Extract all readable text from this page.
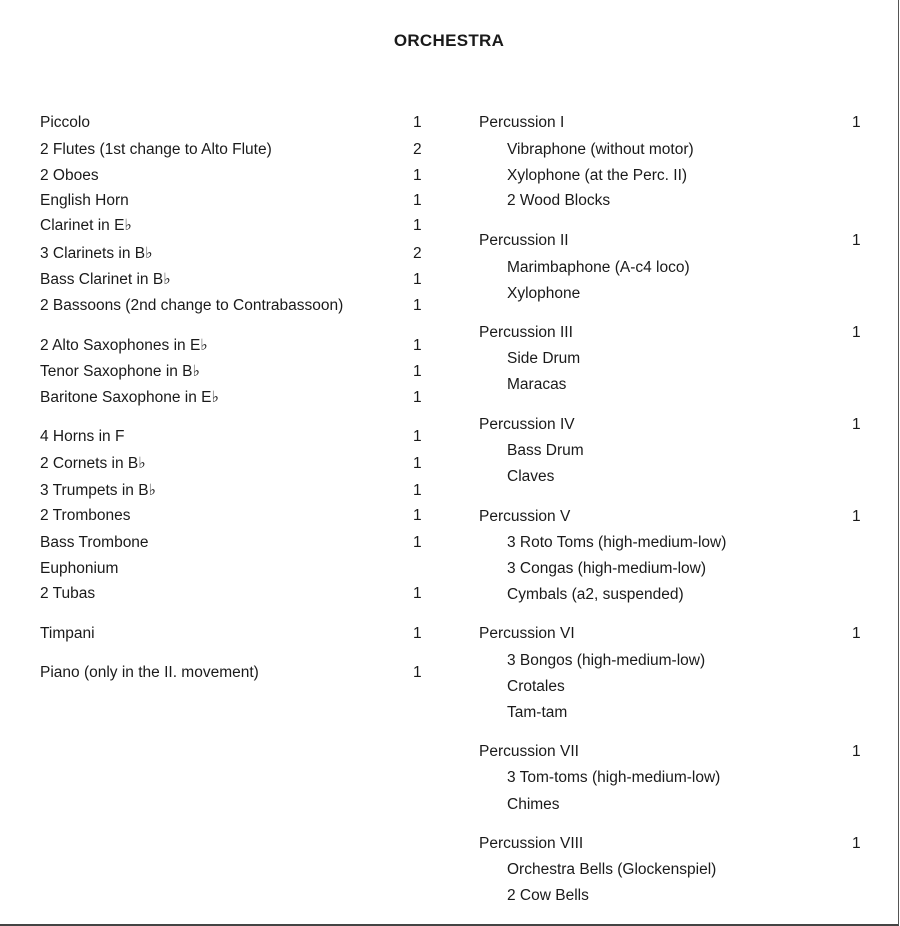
ORCHESTRA
Piccolo	1
2 Flutes (1st change to Alto Flute)	2
2 Oboes	1
English Horn	1
Clarinet in E♭	1
3 Clarinets in B♭	2
Bass Clarinet in B♭	1
2 Bassoons (2nd change to Contrabassoon)	1
2 Alto Saxophones in E♭	1
Tenor Saxophone in B♭	1
Baritone Saxophone in E♭	1
4 Horns in F	1
2 Cornets in B♭	1
3 Trumpets in B♭	1
2 Trombones	1
Bass Trombone	1
Euphonium
2 Tubas	1
Timpani	1
Piano (only in the II. movement)	1
Percussion I	1
Vibraphone (without motor)
Xylophone (at the Perc. II)
2 Wood Blocks
Percussion II	1
Marimbaphone (A-c4 loco)
Xylophone
Percussion III	1
Side Drum
Maracas
Percussion IV	1
Bass Drum
Claves
Percussion V	1
3 Roto Toms (high-medium-low)
3 Congas (high-medium-low)
Cymbals (a2, suspended)
Percussion VI	1
3 Bongos (high-medium-low)
Crotales
Tam-tam
Percussion VII	1
3 Tom-toms (high-medium-low)
Chimes
Percussion VIII	1
Orchestra Bells (Glockenspiel)
2 Cow Bells
